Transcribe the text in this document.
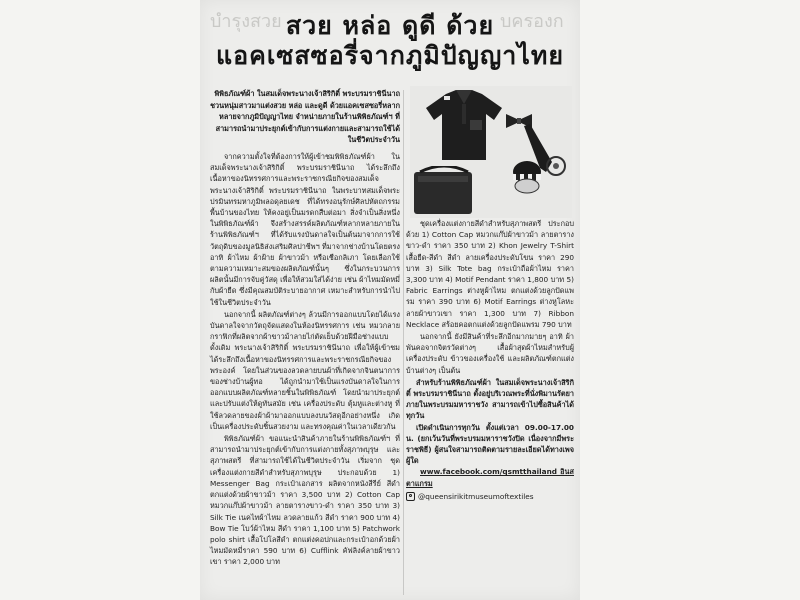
บำรุงสวย	บครองก
สวย หล่อ ดูดี ด้วย
แอคเซสซอรี่จากภูมิปัญญาไทย
พิพิธภัณฑ์ผ้า ในสมเด็จพระนางเจ้าสิริกิติ์ พระบรมราชินีนาถ ชวนหนุ่มสาวมาแต่งสวย หล่อ และดูดี ด้วยแอคเซสซอรี่หลากหลายจากภูมิปัญญาไทย จำหน่ายภายในร้านพิพิธภัณฑ์ฯ ที่สามารถนำมาประยุกต์เข้ากับการแต่งกายและสามารถใช้ได้ในชีวิตประจำวัน

จากความตั้งใจที่ต้องการให้ผู้เข้าชมพิพิธภัณฑ์ผ้า ในสมเด็จพระนางเจ้าสิริกิติ์ พระบรมราชินีนาถ ได้ระลึกถึงเนื้อหาของนิทรรศการและพระราชกรณียกิจของสมเด็จพระนางเจ้าสิริกิติ์ พระบรมราชินีนาถ ในพระบาทสมเด็จพระปรมินทรมหาภูมิพลอดุลยเดช ที่ได้ทรงอนุรักษ์ศิลปหัตถกรรมพื้นบ้านของไทย ให้คงอยู่เป็นมรดกสืบต่อมา สิ่งจำเป็นสิ่งหนึ่งในพิพิธภัณฑ์ผ้า จึงสร้างสรรค์ผลิตภัณฑ์หลากหลายภายในร้านพิพิธภัณฑ์ฯ ที่ได้รับแรงบันดาลใจเป็นต้นมาจากการใช้วัตถุดิบของมูลนิธิส่งเสริมศิลปาชีพฯ ที่มาจากช่างบ้านโดยตรง อาทิ ผ้าไหม ผ้าฝ้าย ผ้าขาวม้า หรือเชือกลิเภา โดยเลือกใช้ตามความเหมาะสมของผลิตภัณฑ์นั้นๆ ซึ่งในกระบวนการผลิตนั้นมีการจับคู่วัสดุ เพื่อให้สวมใส่ได้ง่าย เช่น ผ้าไหมมัดหมี่กับผ้ายืด ซึ่งมีคุณสมบัติระบายอากาศ เหมาะสำหรับการนำไปใช้ในชีวิตประจำวัน

นอกจากนี้ ผลิตภัณฑ์ต่างๆ ล้วนมีการออกแบบโดยได้แรงบันดาลใจจากวัตถุจัดแสดงในห้องนิทรรศการ เช่น หมวกลายกราฟิกที่ผลิตจากผ้าขาวม้าลายไก่ตัดเย็บด้วยฝีมือช่างแบบดั้งเดิม พระนางเจ้าสิริกิติ์ พระบรมราชินีนาถ เพื่อให้ผู้เข้าชมได้ระลึกถึงเนื้อหาของนิทรรศการและพระราชกรณียกิจของพระองค์ โดยในส่วนของลวดลายบนผ้าที่เกิดจากจินตนาการของช่างบ้านผู้ทอ ได้ถูกนำมาใช้เป็นแรงบันดาลใจในการออกแบบผลิตภัณฑ์หลายชิ้นในพิพิธภัณฑ์ โดยนำมาประยุกต์และปรับแต่งให้ดูทันสมัย เช่น เครื่องประดับ ตุ้มหูและต่างหู ที่ใช้ลวดลายของผ้าผ้ามาออกแบบลงบนวัสดุอีกอย่างหนึ่ง เกิดเป็นเครื่องประดับชิ้นสวยงาม และทรงคุณค่าในเวลาเดียวกัน

พิพิธภัณฑ์ผ้า ขอแนะนำสินค้าภายในร้านพิพิธภัณฑ์ฯ ที่สามารถนำมาประยุกต์เข้ากับการแต่งกายทั้งสุภาพบุรุษ และสุภาพสตรี ที่สามารถใช้ได้ในชีวิตประจำวัน เริ่มจาก ชุดเครื่องแต่งกายสีดำสำหรับสุภาพบุรุษ ประกอบด้วย 1) Messenger Bag กระเป๋าเอกสาร ผลิตจากหนังสีรีย์ สีดำ ตกแต่งด้วยผ้าขาวม้า ราคา 3,500 บาท 2) Cotton Cap หมวกแก๊ปผ้าขาวม้า ลายตารางขาว-ดำ ราคา 350 บาท 3) Silk Tie เนคไทผ้าไหม ลวดลายแก้ว สีดำ ราคา 900 บาท 4) Bow Tie โบว์ผ้าไหม สีดำ ราคา 1,100 บาท 5) Patchwork polo shirt เสื้อโปโลสีดำ ตกแต่งคอปกและกระเป๋าอกด้วยผ้าไหมมัดหมี่ราคา 590 บาท 6) Cufflink คัฟลิงค์ลายผ้าขาวเขา ราคา 2,000 บาท

ชุดเครื่องแต่งกายสีดำสำหรับสุภาพสตรี ประกอบด้วย 1) Cotton Cap หมวกแก๊ปผ้าขาวม้า ลายตารางขาว-ดำ ราคา 350 บาท 2) Khon Jewelry T-Shirt เสื้อยืด-สีดำ สีดำ ลายเครื่องประดับโขน ราคา 290 บาท 3) Silk Tote bag กระเป๋าถือผ้าไหม ราคา 3,300 บาท 4) Motif Pendant ราคา 1,800 บาท 5) Fabric Earrings ต่างหูผ้าไหม ตกแต่งด้วยลูกปัดแพรม ราคา 390 บาท 6) Motif Earrings ต่างหูโลหะลายผ้าขาวเขา ราคา 1,300 บาท 7) Ribbon Necklace สร้อยคอตกแต่งด้วยลูกปัดแพรม 790 บาท

นอกจากนี้ ยังมีสินค้าที่ระลึกอีกมากมายๆ อาทิ ผ้าพันคอจากจิตรวัดต่างๆ เสื้อผ้าสุดผ้าไหมสำหรับผู้เครื่องประดับ ข้าวของเครื่องใช้ และผลิตภัณฑ์ตกแต่งบ้านต่างๆ เป็นต้น

สำหรับร้านพิพิธภัณฑ์ผ้า ในสมเด็จพระนางเจ้าสิริกิติ์ พระบรมราชินีนาถ ตั้งอยู่บริเวณพระที่นั่งพิมานรัตยา ภายในพระบรมมหาราชวัง สามารถเข้าไปซื้อสินค้าได้ทุกวัน

เปิดดำเนินการทุกวัน ตั้งแต่เวลา 09.00-17.00 น. (ยกเว้นวันที่พระบรมมหาราชวังปิด เนื่องจากมีพระราชพิธี) ผู้สนใจสามารถติดตามรายละเอียดได้ทางเพจผู้ใด

www.facebook.com/qsmtthailand อินสตาแกรม
@queensirikitmuseumoftextiles
